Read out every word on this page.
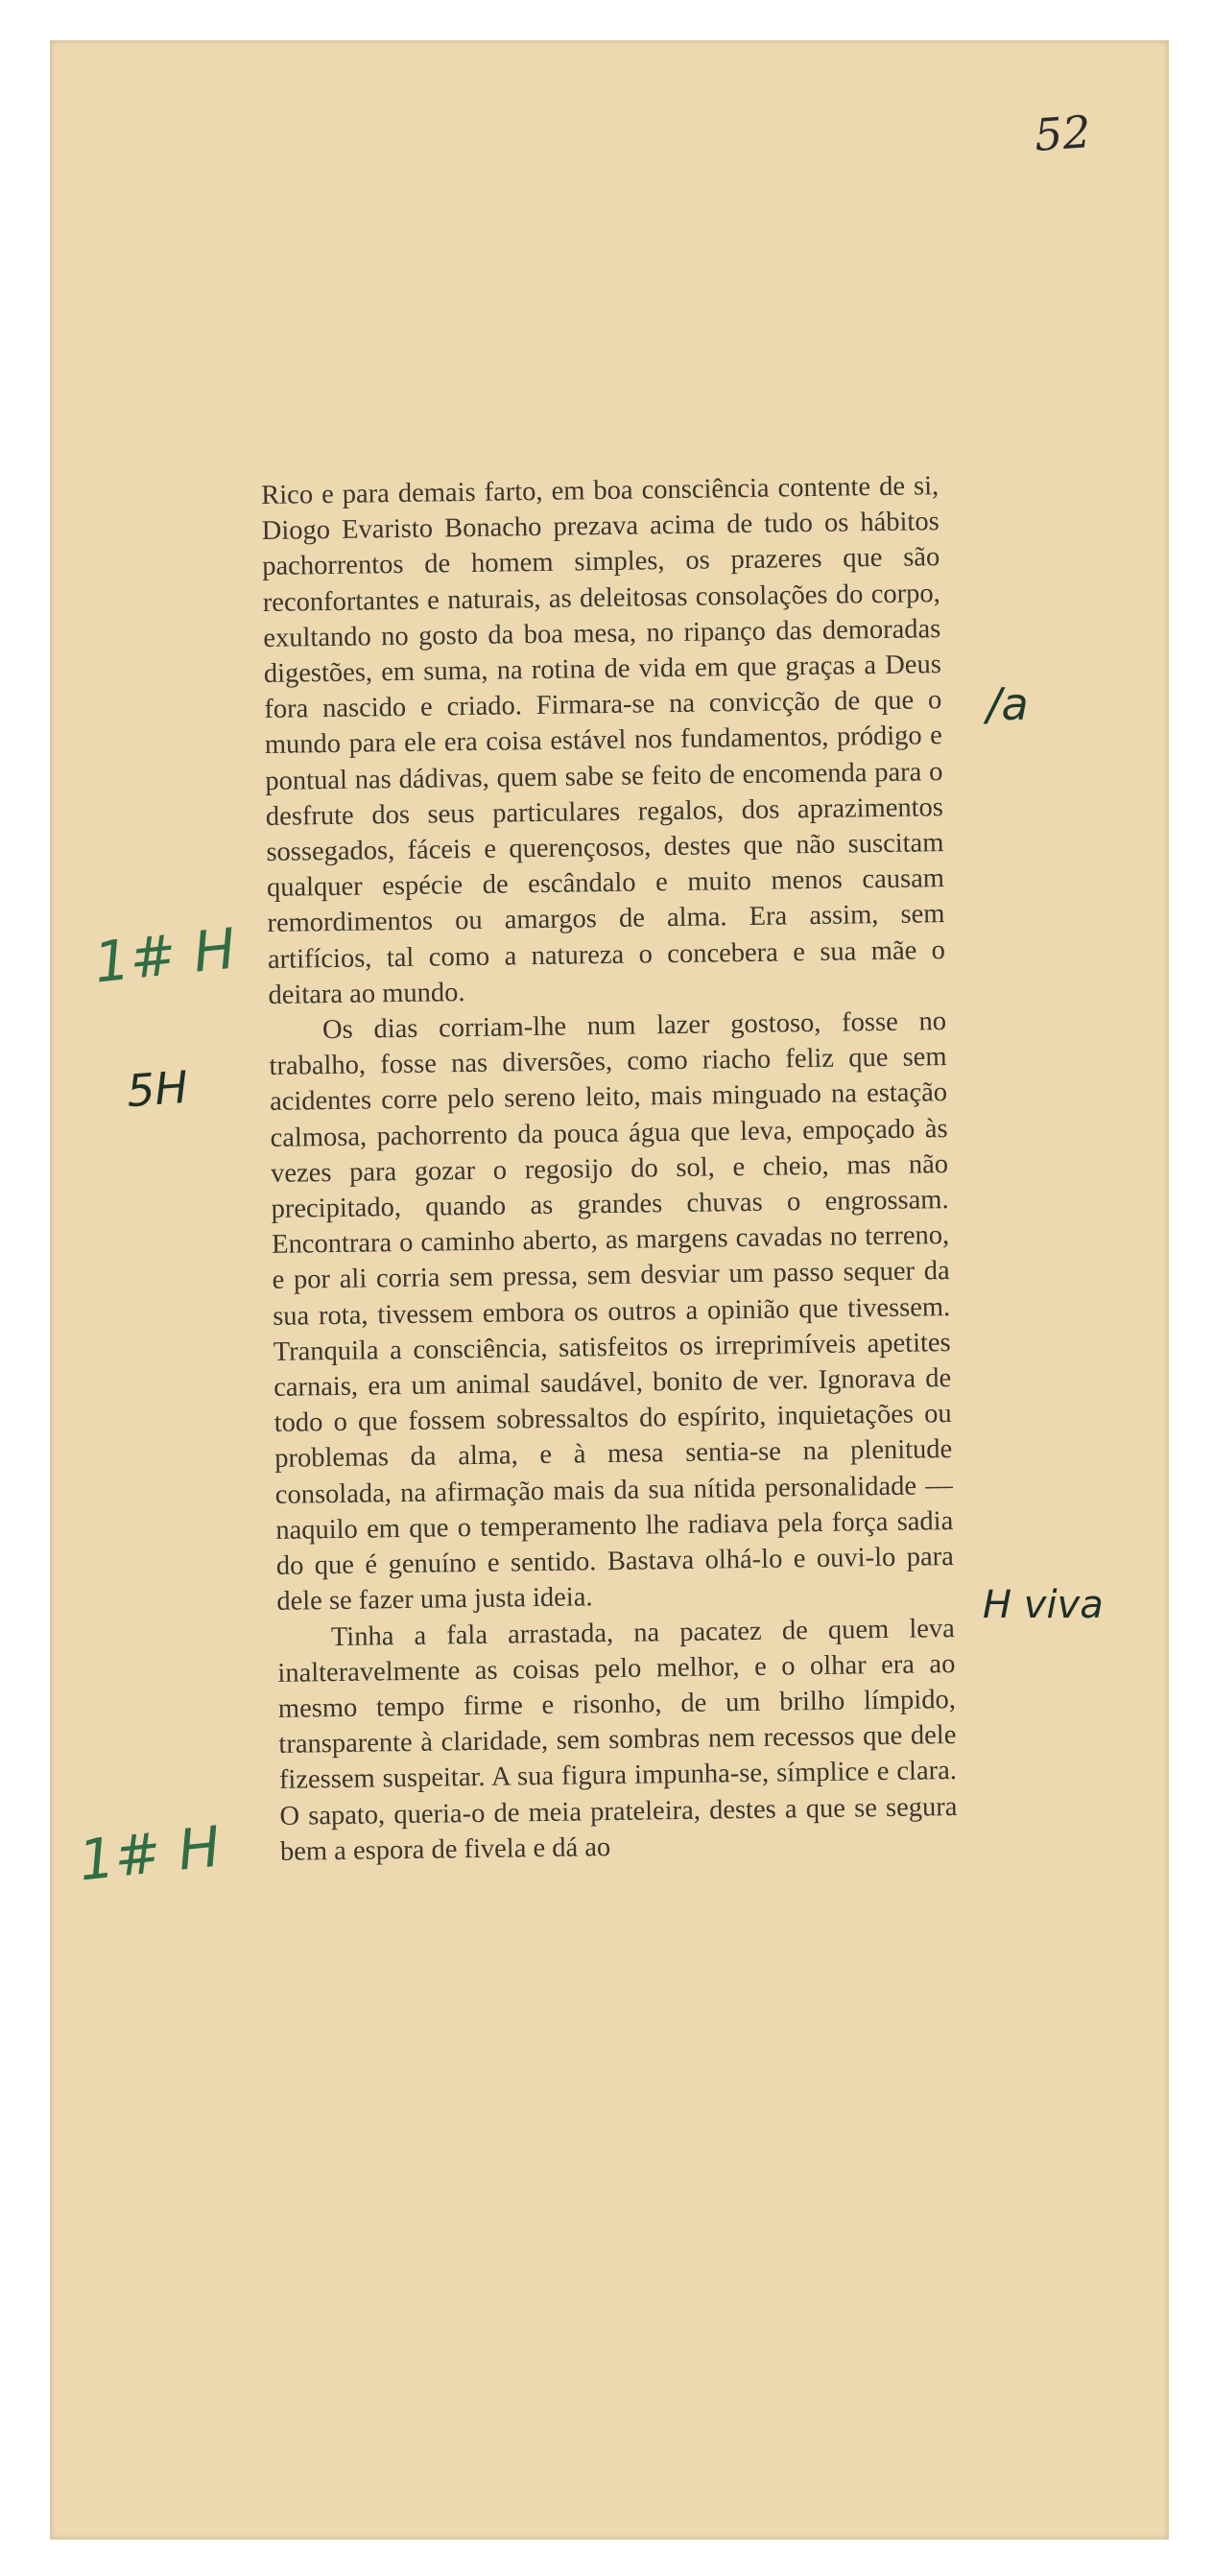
52

Rico e para demais farto, em boa consciência contente de si, Diogo Evaristo Bonacho prezava acima de tudo os hábitos pachorrentos de homem simples, os prazeres que são reconfortantes e naturais, as deleitosas consolações do corpo, exultando no gosto da boa mesa, no ripanço das demoradas digestões, em suma, na rotina de vida em que graças a Deus fora nascido e criado. Firmara-se na convicção de que o mundo para ele era coisa estável nos fundamentos, pródigo e pontual nas dádivas, quem sabe se feito de encomenda para o desfrute dos seus particulares regalos, dos aprazimentos sossegados, fáceis e querençosos, destes que não suscitam qualquer espécie de escândalo e muito menos causam remordimentos ou amargos de alma. Era assim, sem artifícios, tal como a natureza o concebera e sua mãe o deitara ao mundo.

Os dias corriam-lhe num lazer gostoso, fosse no trabalho, fosse nas diversões, como riacho feliz que sem acidentes corre pelo sereno leito, mais minguado na estação calmosa, pachorrento da pouca água que leva, empoçado às vezes para gozar o regosijo do sol, e cheio, mas não precipitado, quando as grandes chuvas o engrossam. Encontrara o caminho aberto, as margens cavadas no terreno, e por ali corria sem pressa, sem desviar um passo sequer da sua rota, tivessem embora os outros a opinião que tivessem. Tranquila a consciência, satisfeitos os irreprimíveis apetites carnais, era um animal saudável, bonito de ver. Ignorava de todo o que fossem sobressaltos do espírito, inquietações ou problemas da alma, e à mesa sentia-se na plenitude consolada, na afirmação mais da sua nítida personalidade — naquilo em que o temperamento lhe radiava pela força sadia do que é genuíno e sentido. Bastava olhá-lo e ouvi-lo para dele se fazer uma justa ideia.

Tinha a fala arrastada, na pacatez de quem leva inalteravelmente as coisas pelo melhor, e o olhar era ao mesmo tempo firme e risonho, de um brilho límpido, transparente à claridade, sem sombras nem recessos que dele fizessem suspeitar. A sua figura impunha-se, símplice e clara. O sapato, queria-o de meia prateleira, destes a que se segura bem a espora de fivela e dá ao

/a
H viva
1# H
5H
1# H
